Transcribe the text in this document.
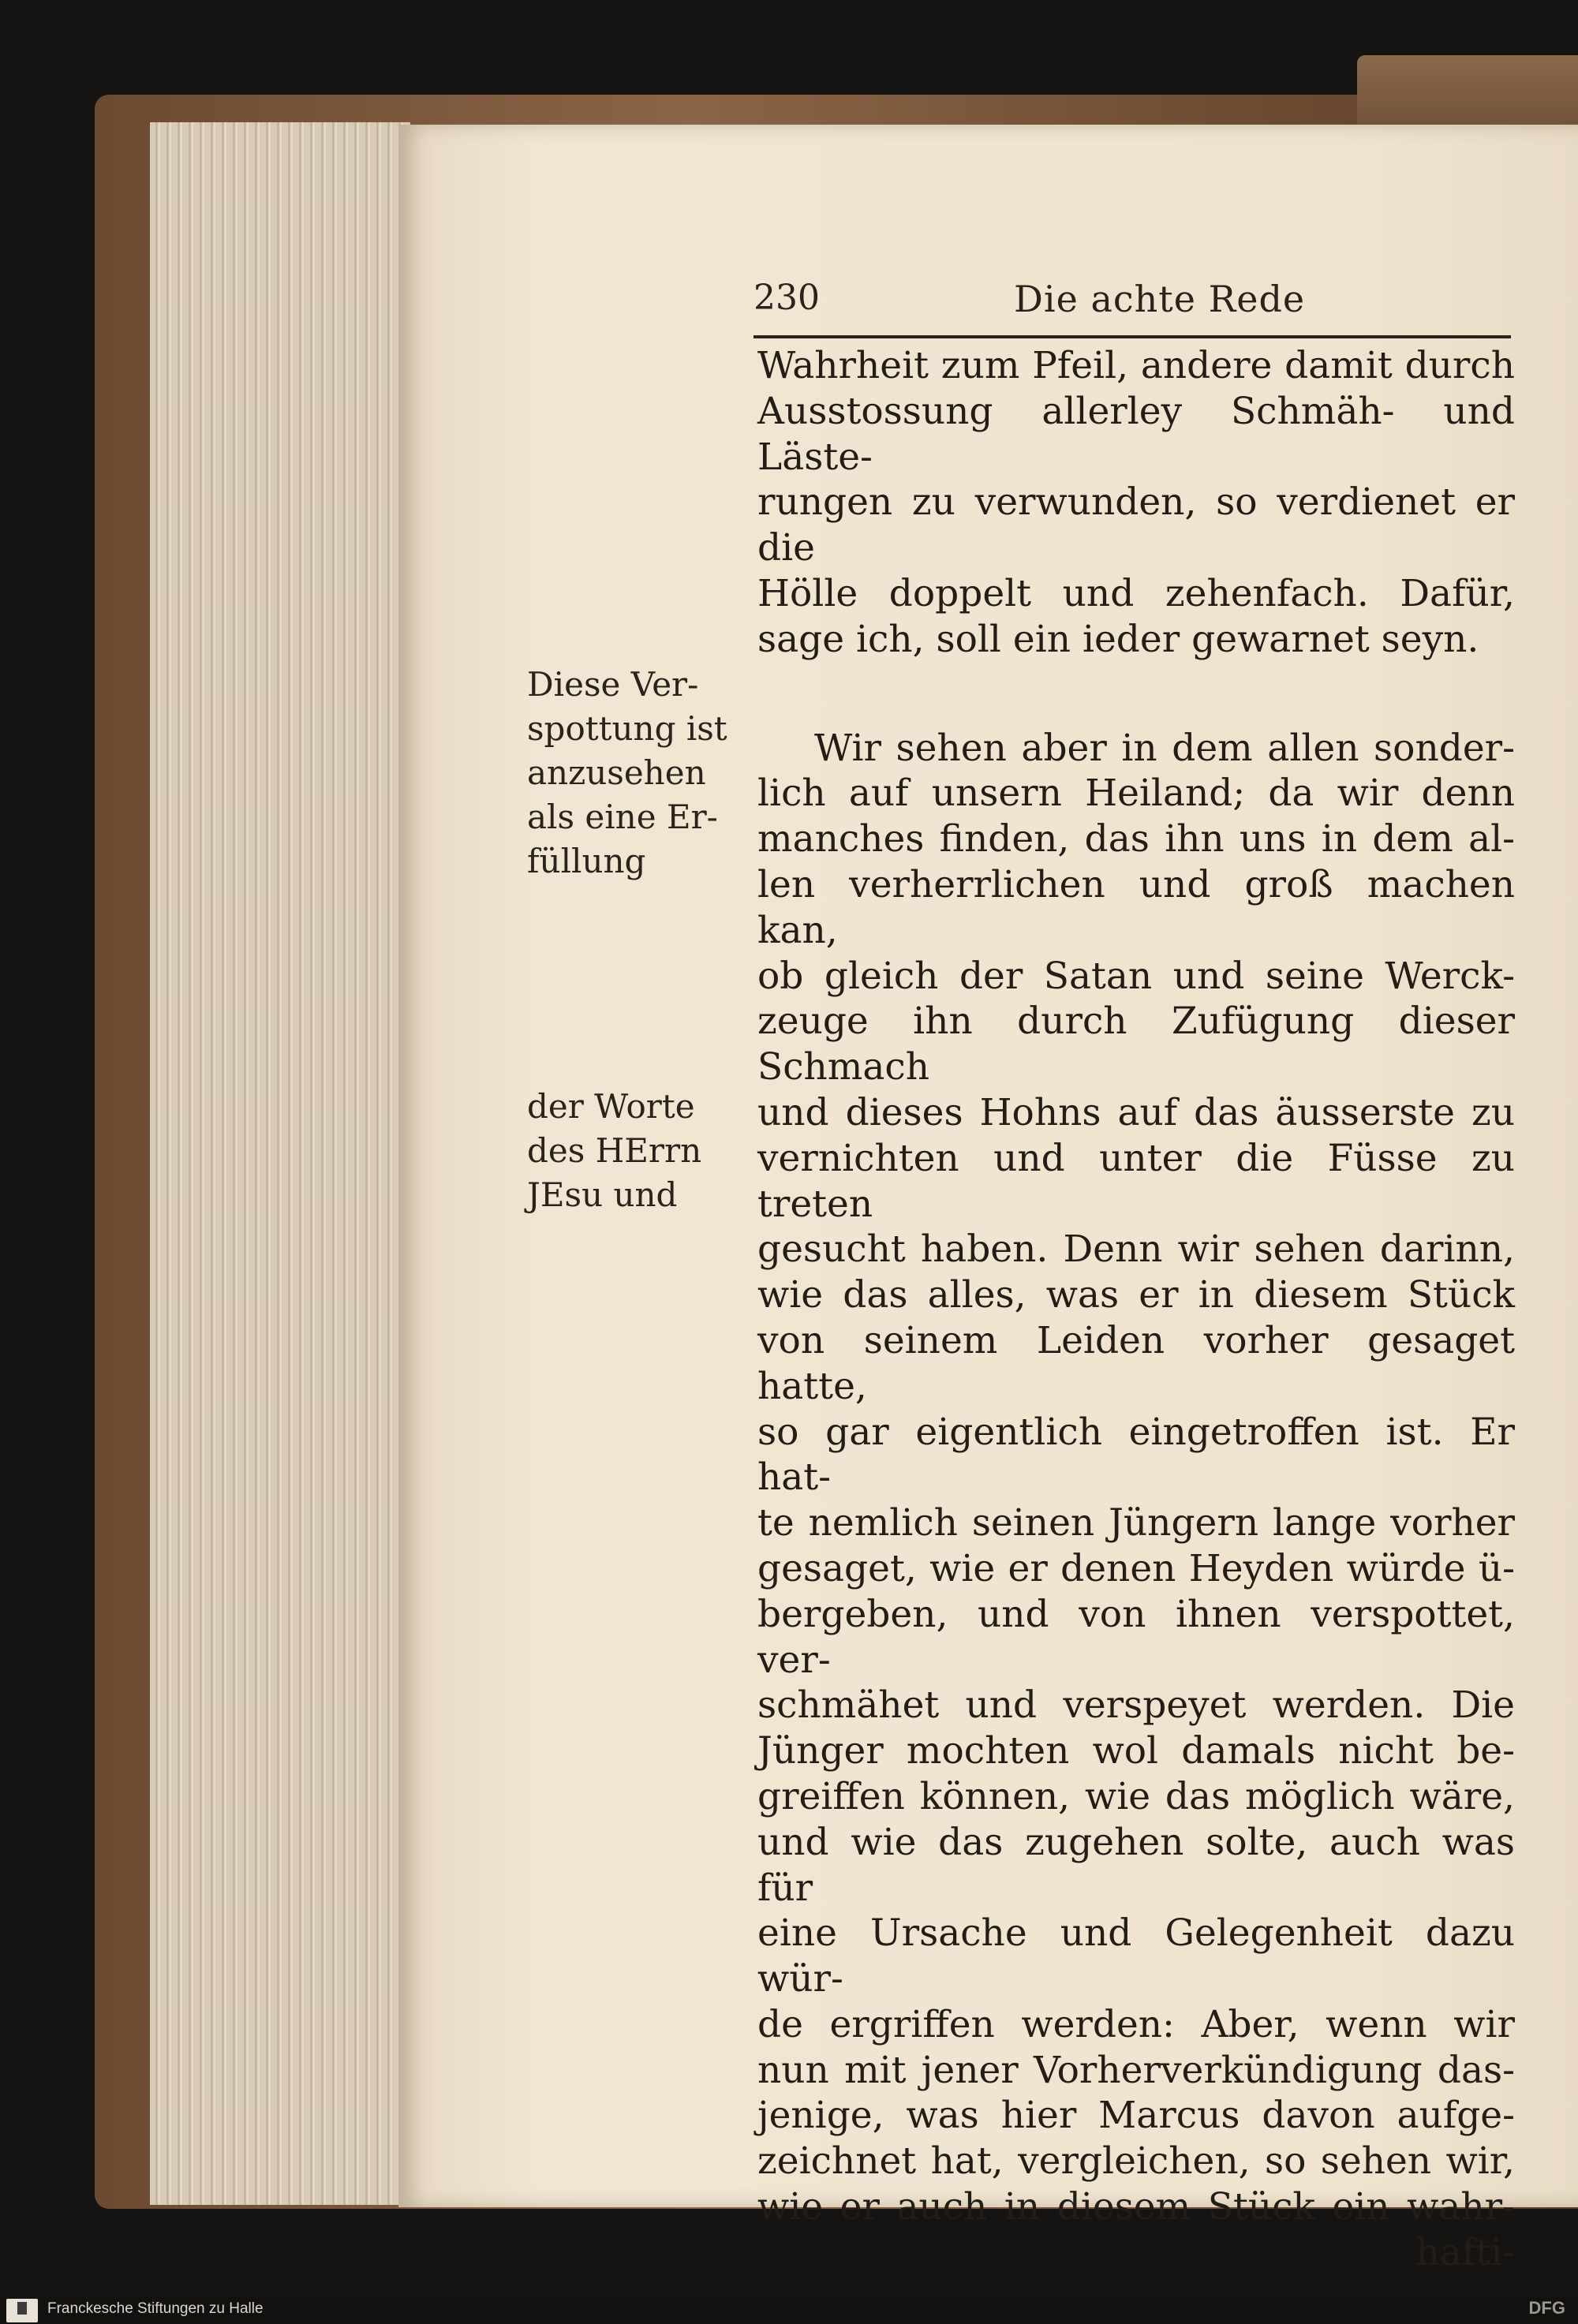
230	Die achte Rede

Wahrheit zum Pfeil, andere damit durch

Ausstossung allerley Schmäh- und Läste-

rungen zu verwunden, so verdienet er die

Hölle doppelt und zehenfach. Dafür,

sage ich, soll ein ieder gewarnet seyn.

Wir sehen aber in dem allen sonder-

lich auf unsern Heiland; da wir denn

manches finden, das ihn uns in dem al-

len verherrlichen und groß machen kan,

ob gleich der Satan und seine Werck-

zeuge ihn durch Zufügung dieser Schmach

und dieses Hohns auf das äusserste zu

vernichten und unter die Füsse zu treten

gesucht haben. Denn wir sehen darinn,

wie das alles, was er in diesem Stück

von seinem Leiden vorher gesaget hatte,

so gar eigentlich eingetroffen ist. Er hat-

te nemlich seinen Jüngern lange vorher

gesaget, wie er denen Heyden würde ü-

bergeben, und von ihnen verspottet, ver-

schmähet und verspeyet werden. Die

Jünger mochten wol damals nicht be-

greiffen können, wie das möglich wäre,

und wie das zugehen solte, auch was für

eine Ursache und Gelegenheit dazu wür-

de ergriffen werden: Aber, wenn wir

nun mit jener Vorherverkündigung das-

jenige, was hier Marcus davon aufge-

zeichnet hat, vergleichen, so sehen wir,

wie er auch in diesem Stück ein wahr-

hafti-

Diese Ver-
spottung ist
anzusehen
als eine Er-
füllung
der Worte
des HErrn
JEsu und
Franckesche Stiftungen zu Halle	DFG
